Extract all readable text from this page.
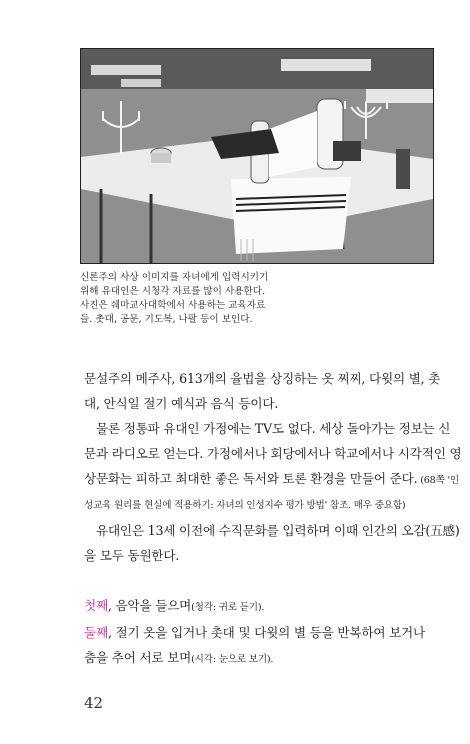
신론주의 사상 이미지를 자녀에게 입력시키기
위해 유대인은 시청각 자료를 많이 사용한다.
사진은 쉐마교사대학에서 사용하는 교육자료
들. 촛대, 공문, 기도복, 나팔 등이 보인다.
문설주의 메주사, 613개의 율법을 상징하는 옷 찌찌, 다윗의 별, 촛
대, 안식일 절기 예식과 음식 등이다.
물론 정통파 유대인 가정에는 TV도 없다. 세상 돌아가는 정보는 신
문과 라디오로 얻는다. 가정에서나 회당에서나 학교에서나 시각적인 영
상문화는 피하고 최대한 좋은 독서와 토론 환경을 만들어 준다. (68쪽 '인
성교육 원리를 현실에 적용하기: 자녀의 인성지수 평가 방법' 참조. 매우 중요함)
유대인은 13세 이전에 수직문화를 입력하며 이때 인간의 오감(五感)
을 모두 동원한다.
첫째, 음악을 들으며(청각: 귀로 듣기).
둘째, 절기 옷을 입거나 촛대 및 다윗의 별 등을 반복하여 보거나
춤을 추어 서로 보며(시각: 눈으로 보기).
42
